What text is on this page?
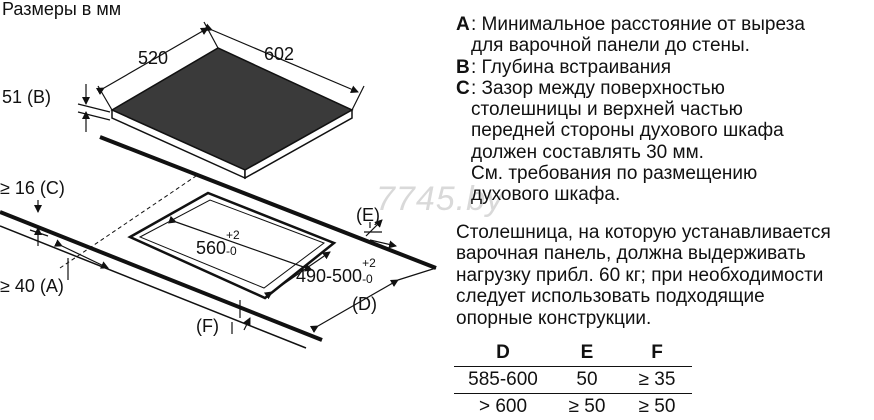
Размеры в мм
7745.by
520	602
51 (B)
≥ 16 (C)
≥ 40 (A)
560
+2
-0
490-500
+2
-0
(E)
(D)
(F)
A : Минимальное расстояние от выреза
для варочной панели до стены.
B : Глубина встраивания
C : Зазор между поверхностью
столешницы и верхней частью
передней стороны духового шкафа
должен составлять 30 мм.
См. требования по размещению
духового шкафа.
Столешница, на которую устанавливается
варочная панель, должна выдерживать
нагрузку прибл. 60 кг; при необходимости
следует использовать подходящие
опорные конструкции.
D	E	F
585-600	50	≥ 35
> 600	≥ 50	≥ 50
